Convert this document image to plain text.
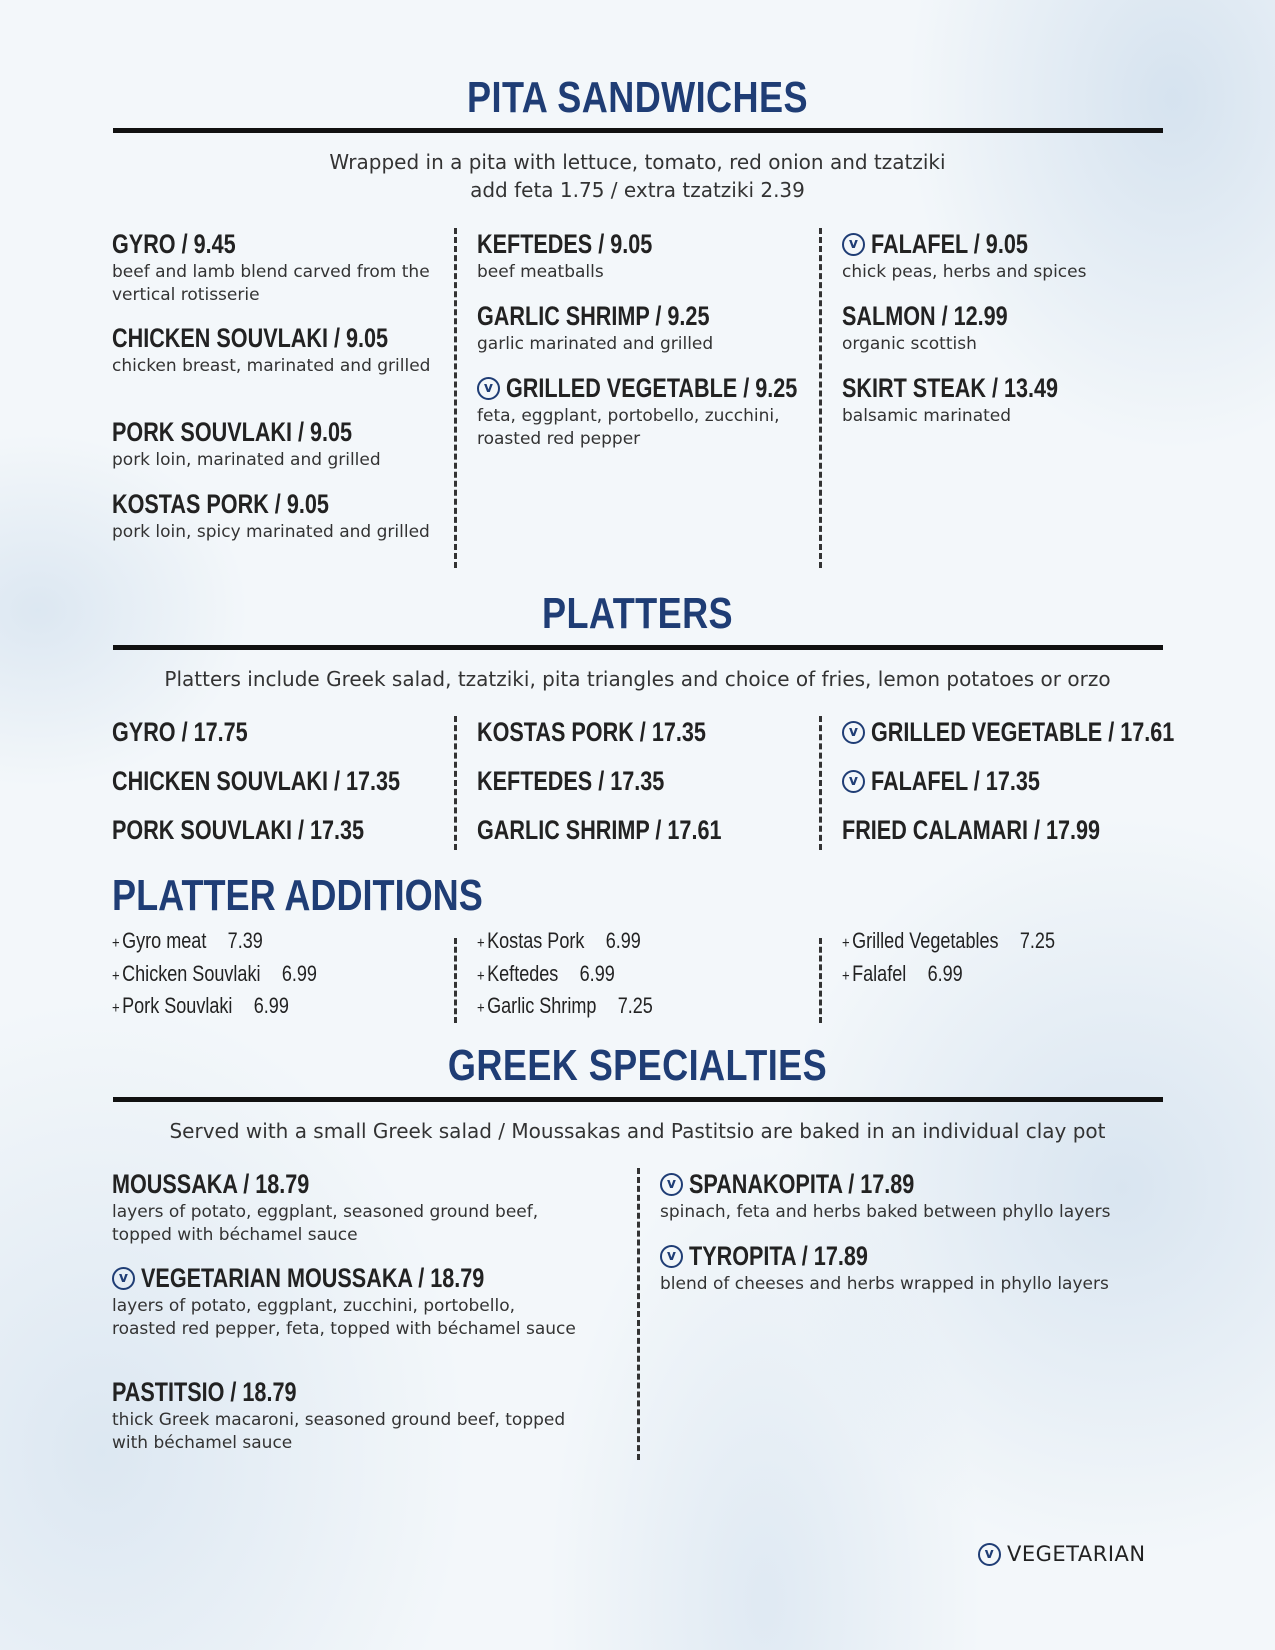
PITA SANDWICHES
Wrapped in a pita with lettuce, tomato, red onion and tzatziki
add feta 1.75 / extra tzatziki 2.39
GYRO / 9.45
beef and lamb blend carved from the vertical rotisserie
CHICKEN SOUVLAKI / 9.05
chicken breast, marinated and grilled
PORK SOUVLAKI / 9.05
pork loin, marinated and grilled
KOSTAS PORK / 9.05
pork loin, spicy marinated and grilled
KEFTEDES / 9.05
beef meatballs
GARLIC SHRIMP / 9.25
garlic marinated and grilled
v GRILLED VEGETABLE / 9.25
feta, eggplant, portobello, zucchini, roasted red pepper
v FALAFEL / 9.05
chick peas, herbs and spices
SALMON / 12.99
organic scottish
SKIRT STEAK / 13.49
balsamic marinated
PLATTERS
Platters include Greek salad, tzatziki, pita triangles and choice of fries, lemon potatoes or orzo
GYRO / 17.75
CHICKEN SOUVLAKI / 17.35
PORK SOUVLAKI / 17.35
KOSTAS PORK / 17.35
KEFTEDES / 17.35
GARLIC SHRIMP / 17.61
v GRILLED VEGETABLE / 17.61
v FALAFEL / 17.35
FRIED CALAMARI / 17.99
PLATTER ADDITIONS
+ Gyro meat 7.39
+ Chicken Souvlaki 6.99
+ Pork Souvlaki 6.99
+ Kostas Pork 6.99
+ Keftedes 6.99
+ Garlic Shrimp 7.25
+ Grilled Vegetables 7.25
+ Falafel 6.99
GREEK SPECIALTIES
Served with a small Greek salad / Moussakas and Pastitsio are baked in an individual clay pot
MOUSSAKA / 18.79
layers of potato, eggplant, seasoned ground beef, topped with béchamel sauce
v VEGETARIAN MOUSSAKA / 18.79
layers of potato, eggplant, zucchini, portobello, roasted red pepper, feta, topped with béchamel sauce
PASTITSIO / 18.79
thick Greek macaroni, seasoned ground beef, topped with béchamel sauce
v SPANAKOPITA / 17.89
spinach, feta and herbs baked between phyllo layers
v TYROPITA / 17.89
blend of cheeses and herbs wrapped in phyllo layers
v VEGETARIAN
